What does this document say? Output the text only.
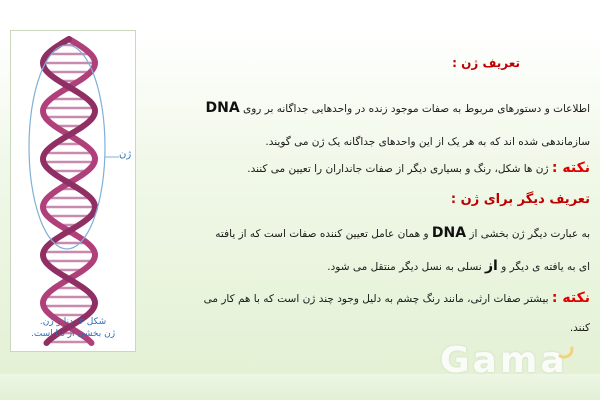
ژن
شکل ۳- دنا و ژن.
ژن بخشی از دنا است.
تعریف ژن :
اطلاعات و دستورهای مربوط به صفات موجود زنده در واحدهایی جداگانه بر روی DNA
سازماندهی شده اند که به هر یک از این واحدهای جداگانه یک ژن می گویند.
نکته : ژن ها شکل، رنگ و بسیاری دیگر از صفات جانداران را تعیین می کنند.
تعریف دیگر برای ژن :
به عبارت دیگر ژن بخشی از DNA و همان عامل تعیین کننده صفات است که از یافته
ای به یافته ی دیگر و از نسلی به نسل دیگر منتقل می شود.
نکته : بیشتر صفات ارثی، مانند رنگ چشم به دلیل وجود چند ژن است که با هم کار می
کنند.
Gama
